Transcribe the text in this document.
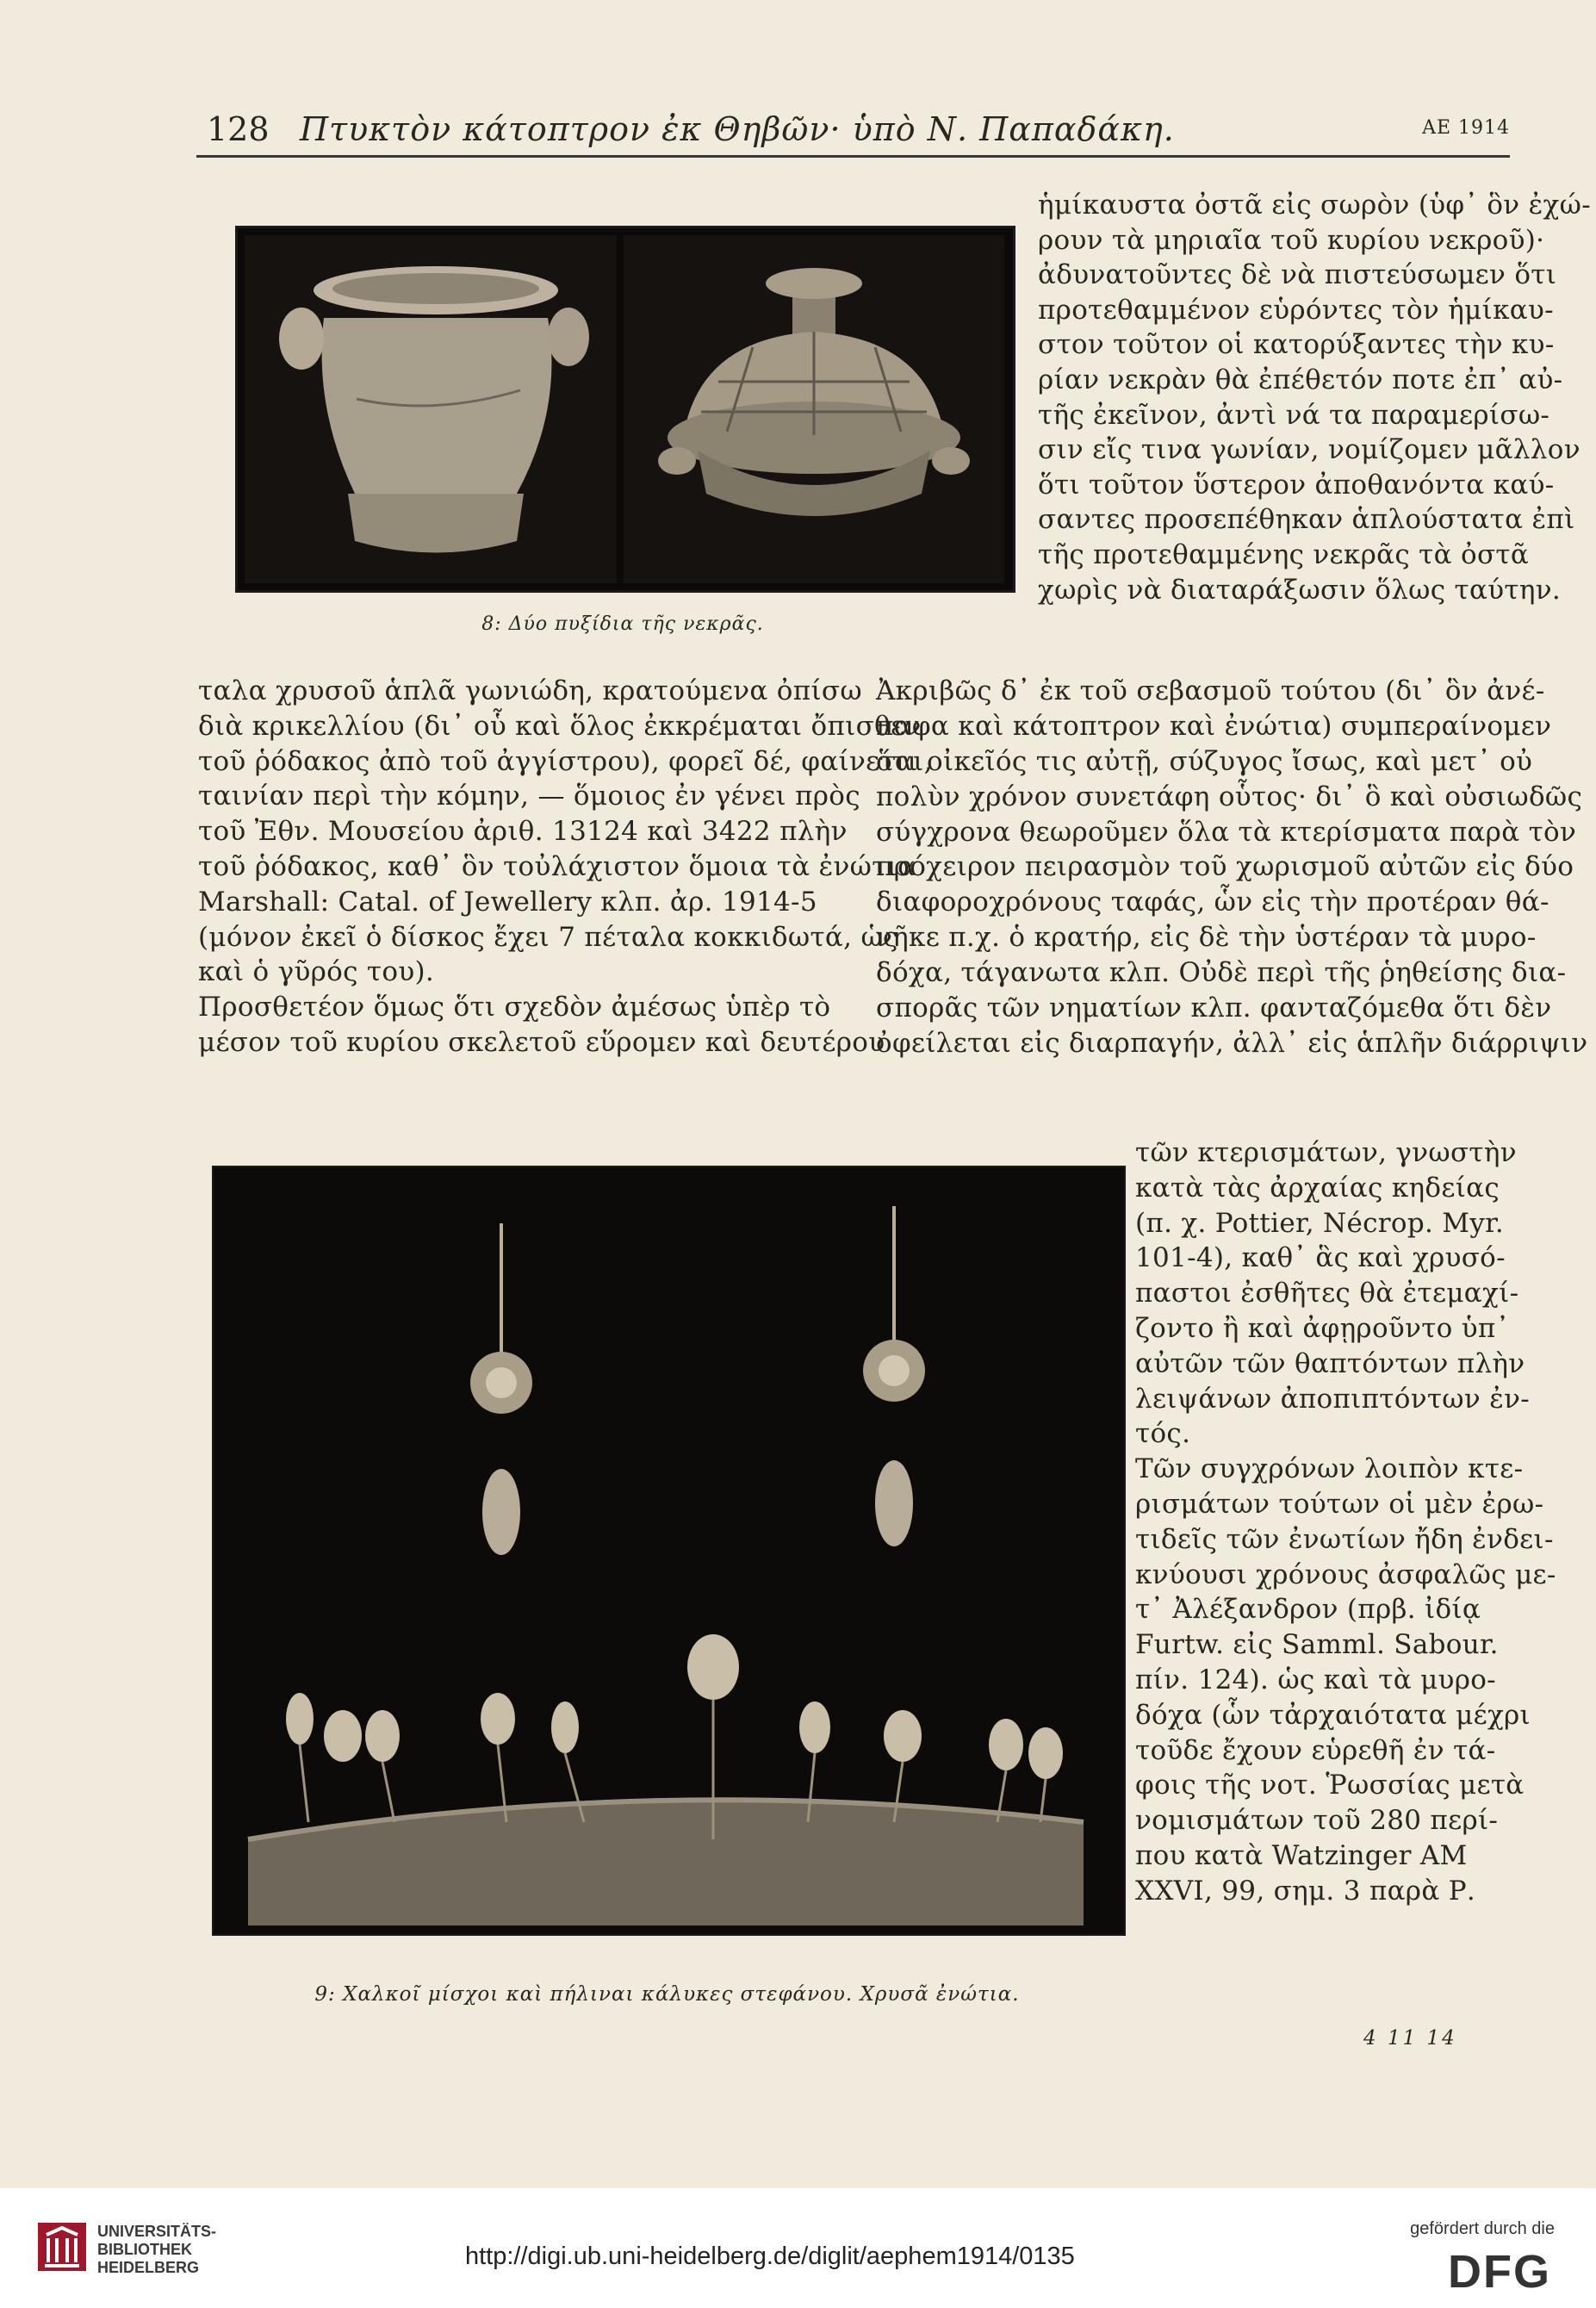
128 Πτυκτὸν κάτοπτρον ἐκ Θηβῶν· ὑπὸ Ν. Παπαδάκη.	ΑΕ 1914
8: Δύο πυξίδια τῆς νεκρᾶς.
ἡμίκαυστα ὀστᾶ εἰς σωρὸν (ὑφ᾽ ὃν ἐχώ-
ρουν τὰ μηριαῖα τοῦ κυρίου νεκροῦ)·
ἀδυνατοῦντες δὲ νὰ πιστεύσωμεν ὅτι
προτεθαμμένον εὑρόντες τὸν ἡμίκαυ-
στον τοῦτον οἱ κατορύξαντες τὴν κυ-
ρίαν νεκρὰν θὰ ἐπέθετόν ποτε ἐπ᾽ αὐ-
τῆς ἐκεῖνον, ἀντὶ νά τα παραμερίσω-
σιν εἴς τινα γωνίαν, νομίζομεν μᾶλλον
ὅτι τοῦτον ὕστερον ἀποθανόντα καύ-
σαντες προσεπέθηκαν ἁπλούστατα ἐπὶ
τῆς προτεθαμμένης νεκρᾶς τὰ ὀστᾶ
χωρὶς νὰ διαταράξωσιν ὅλως ταύτην.
ταλα χρυσοῦ ἁπλᾶ γωνιώδη, κρατούμενα ὀπίσω
διὰ κρικελλίου (δι᾽ οὗ καὶ ὅλος ἐκκρέμαται ὄπισθεν
τοῦ ῥόδακος ἀπὸ τοῦ ἀγγίστρου), φορεῖ δέ, φαίνεται,
ταινίαν περὶ τὴν κόμην, — ὅμοιος ἐν γένει πρὸς
τοῦ Ἐθν. Μουσείου ἀριθ. 13124 καὶ 3422 πλὴν
τοῦ ῥόδακος, καθ᾽ ὃν τοὐλάχιστον ὅμοια τὰ ἐνώτια
Marshall: Catal. of Jewellery κλπ. ἀρ. 1914-5
(μόνον ἐκεῖ ὁ δίσκος ἔχει 7 πέταλα κοκκιδωτά, ὡς
καὶ ὁ γῦρός του).
Προσθετέον ὅμως ὅτι σχεδὸν ἀμέσως ὑπὲρ τὸ
μέσον τοῦ κυρίου σκελετοῦ εὕρομεν καὶ δευτέρου
Ἀκριβῶς δ᾽ ἐκ τοῦ σεβασμοῦ τούτου (δι᾽ ὃν ἀνέ-
παφα καὶ κάτοπτρον καὶ ἐνώτια) συμπεραίνομεν
ὅτι οἰκεῖός τις αὐτῇ, σύζυγος ἴσως, καὶ μετ᾽ οὐ
πολὺν χρόνον συνετάφη οὗτος· δι᾽ ὃ καὶ οὐσιωδῶς
σύγχρονα θεωροῦμεν ὅλα τὰ κτερίσματα παρὰ τὸν
πρόχειρον πειρασμὸν τοῦ χωρισμοῦ αὐτῶν εἰς δύο
διαφοροχρόνους ταφάς, ὧν εἰς τὴν προτέραν θά-
νῆκε π.χ. ὁ κρατήρ, εἰς δὲ τὴν ὑστέραν τὰ μυρο-
δόχα, τάγανωτα κλπ. Οὐδὲ περὶ τῆς ῥηθείσης δια-
σπορᾶς τῶν νηματίων κλπ. φανταζόμεθα ὅτι δὲν
ὀφείλεται εἰς διαρπαγήν, ἀλλ᾽ εἰς ἁπλῆν διάρριψιν
9: Χαλκοῖ μίσχοι καὶ πήλιναι κάλυκες στεφάνου. Χρυσᾶ ἐνώτια.
τῶν κτερισμάτων, γνωστὴν
κατὰ τὰς ἀρχαίας κηδείας
(π. χ. Pottier, Nécrop. Myr.
101-4), καθ᾽ ἃς καὶ χρυσό-
παστοι ἐσθῆτες θὰ ἐτεμαχί-
ζοντο ἢ καὶ ἀφῃροῦντο ὑπ᾽
αὐτῶν τῶν θαπτόντων πλὴν
λειψάνων ἀποπιπτόντων ἐν-
τός.
Τῶν συγχρόνων λοιπὸν κτε-
ρισμάτων τούτων οἱ μὲν ἐρω-
τιδεῖς τῶν ἐνωτίων ἤδη ἐνδει-
κνύουσι χρόνους ἀσφαλῶς με-
τ᾽ Ἀλέξανδρον (πρβ. ἰδίᾳ
Furtw. εἰς Samml. Sabour.
πίν. 124). ὡς καὶ τὰ μυρο-
δόχα (ὧν τἀρχαιότατα μέχρι
τοῦδε ἔχουν εὑρεθῆ ἐν τά-
φοις τῆς νοτ. Ῥωσσίας μετὰ
νομισμάτων τοῦ 280 περί-
που κατὰ Watzinger AM
XXVI, 99, σημ. 3 παρὰ Ρ.
4 11 14
UNIVERSITÄTS-
BIBLIOTHEK
HEIDELBERG	http://digi.ub.uni-heidelberg.de/diglit/aephem1914/0135
gefördert durch die
DFG
